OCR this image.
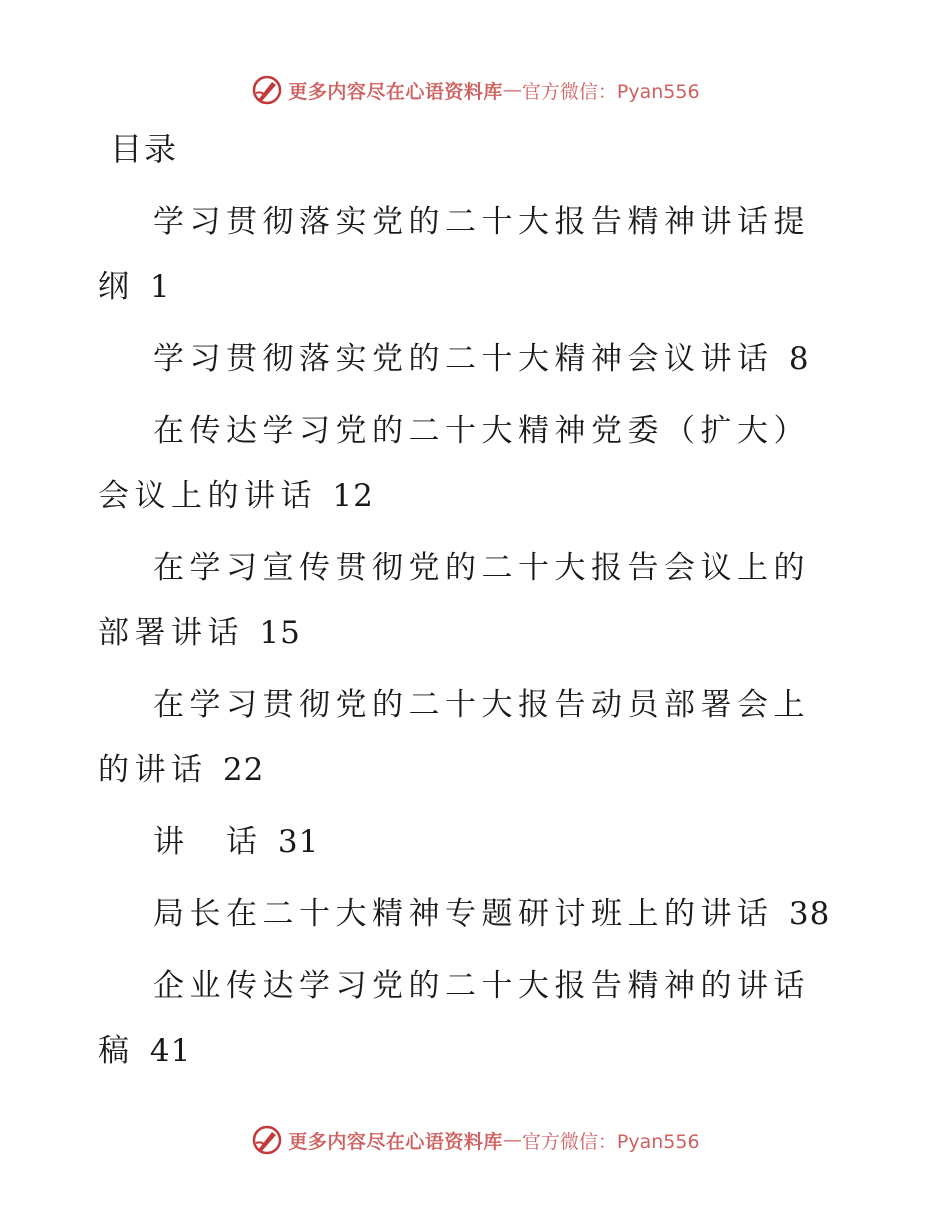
更多内容尽在心语资料库 — 官方微信：Pyan556
目录
学习贯彻落实党的二十大报告精神讲话提纲 1
学习贯彻落实党的二十大精神会议讲话 8
在传达学习党的二十大精神党委（扩大）会议上的讲话 12
在学习宣传贯彻党的二十大报告会议上的部署讲话 15
在学习贯彻党的二十大报告动员部署会上的讲话 22
讲　话 31
局长在二十大精神专题研讨班上的讲话 38
企业传达学习党的二十大报告精神的讲话稿 41
更多内容尽在心语资料库 — 官方微信：Pyan556
